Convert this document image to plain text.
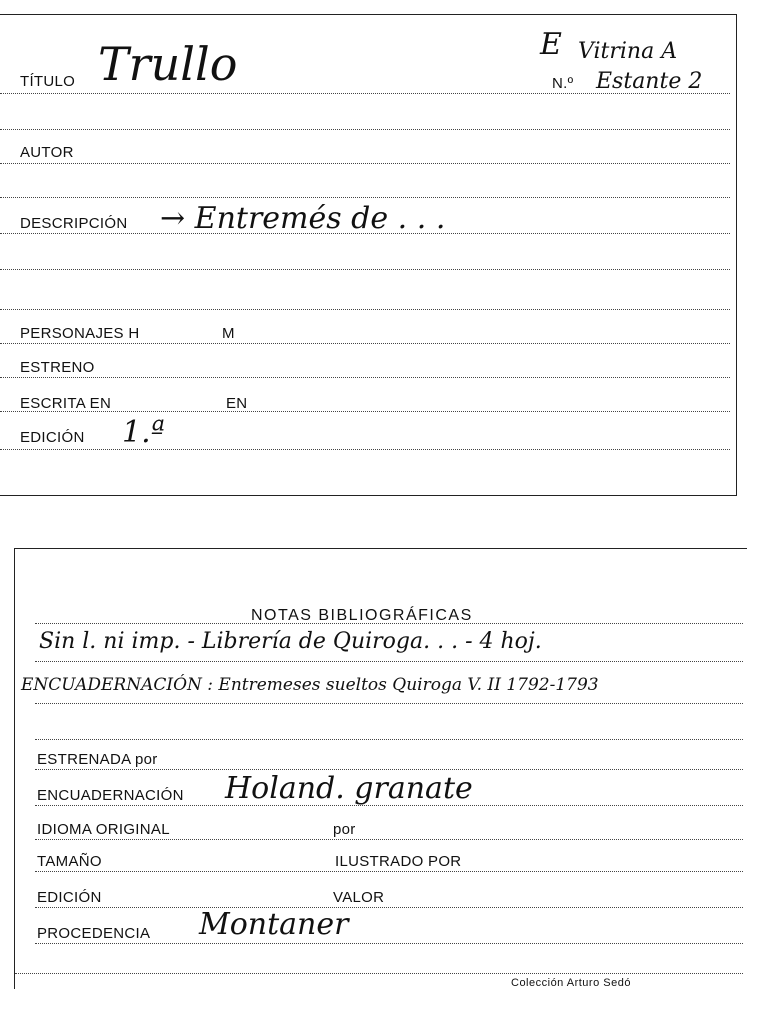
TÍTULO Trullo	E Vitrina A
N.º Estante 2
AUTOR
DESCRIPCIÓN → Entremés de . . .
PERSONAJES H	M
ESTRENO
ESCRITA EN	EN
EDICIÓN 1.ª
NOTAS BIBLIOGRÁFICAS
Sin l. ni imp. - Librería de Quiroga. . . - 4 hoj.
ENCUADERNACIÓN : Entremeses sueltos Quiroga V. II 1792-1793
ESTRENADA por
ENCUADERNACIÓN Holand. granate
IDIOMA ORIGINAL	por
TAMAÑO	ILUSTRADO POR
EDICIÓN	VALOR
PROCEDENCIA Montaner
Colección Arturo Sedó
